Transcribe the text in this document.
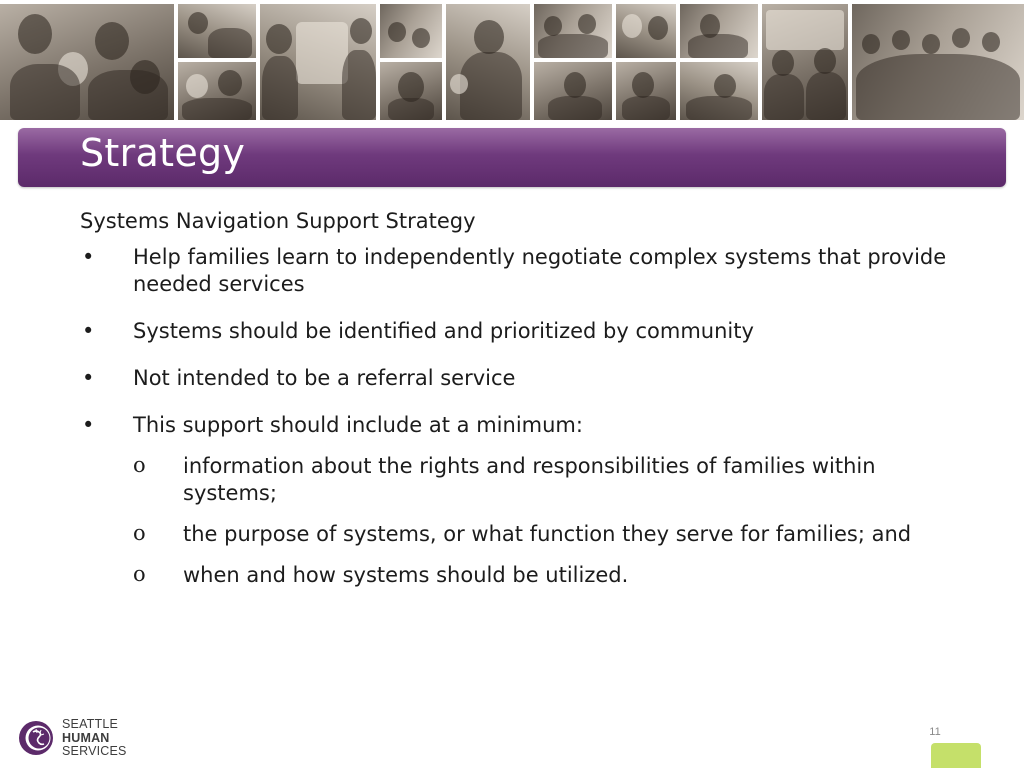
Strategy

Systems Navigation Support Strategy

• Help families learn to independently negotiate complex systems that provide needed services
• Systems should be identified and prioritized by community
• Not intended to be a referral service
• This support should include at a minimum:
o information about the rights and responsibilities of families within systems;
o the purpose of systems, or what function they serve for families; and
o when and how systems should be utilized.
SEATTLE
HUMAN
SERVICES
11
